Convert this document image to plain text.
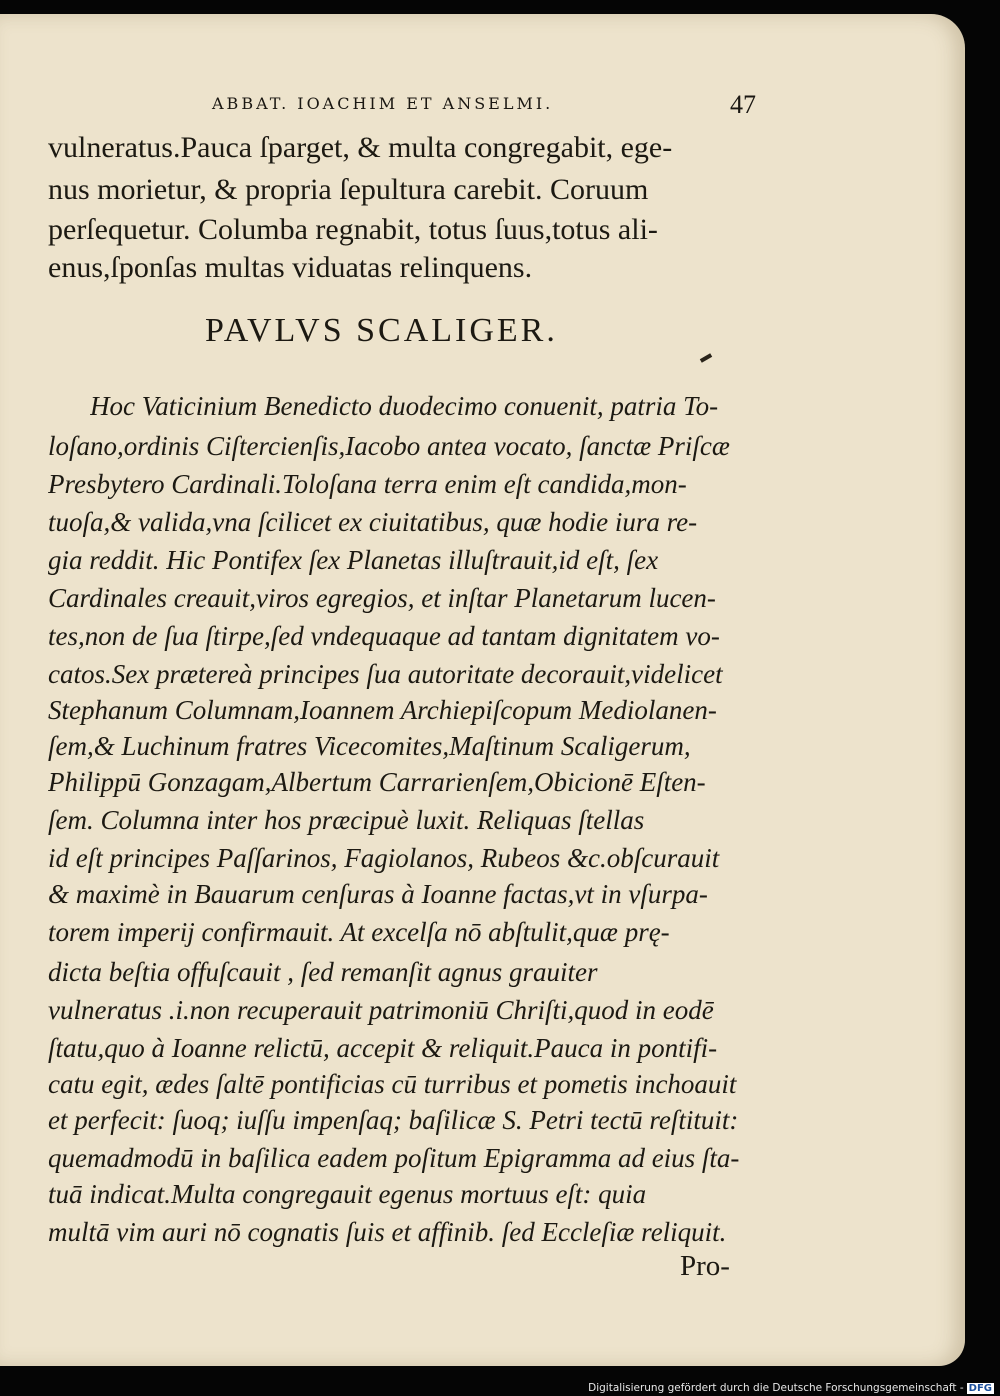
ABBAT. IOACHIM ET ANSELMI.	47
vulneratus.Pauca ſparget, & multa congregabit, ege-
nus morietur, & propria ſepultura carebit. Coruum
perſequetur. Columba regnabit, totus ſuus,totus ali-
enus,ſponſas multas viduatas relinquens.
PAVLVS SCALIGER.
Hoc Vaticinium Benedicto duodecimo conuenit, patria To-
loſano,ordinis Ciſtercienſis,Iacobo antea vocato, ſanctæ Priſcæ
Presbytero Cardinali.Toloſana terra enim eſt candida,mon-
tuoſa,& valida,vna ſcilicet ex ciuitatibus, quæ hodie iura re-
gia reddit. Hic Pontifex ſex Planetas illuſtrauit,id eſt, ſex
Cardinales creauit,viros egregios, et inſtar Planetarum lucen-
tes,non de ſua ſtirpe,ſed vndequaque ad tantam dignitatem vo-
catos.Sex prætereà principes ſua autoritate decorauit,videlicet
Stephanum Columnam,Ioannem Archiepiſcopum Mediolanen-
ſem,& Luchinum fratres Vicecomites,Maſtinum Scaligerum,
Philippū Gonzagam,Albertum Carrarienſem,Obicionē Eſten-
ſem. Columna inter hos præcipuè luxit. Reliquas ſtellas
id eſt principes Paſſarinos, Fagiolanos, Rubeos &c.obſcurauit
& maximè in Bauarum cenſuras à Ioanne factas,vt in vſurpa-
torem imperij confirmauit. At excelſa nō abſtulit,quæ prę-
dicta beſtia offuſcauit , ſed remanſit agnus grauiter
vulneratus .i.non recuperauit patrimoniū Chriſti,quod in eodē
ſtatu,quo à Ioanne relictū, accepit & reliquit.Pauca in pontifi-
catu egit, ædes ſaltē pontificias cū turribus et pometis inchoauit
et perfecit: ſuoq; iuſſu impenſaq; baſilicæ S. Petri tectū reſtituit:
quemadmodū in baſilica eadem poſitum Epigramma ad eius ſta-
tuā indicat.Multa congregauit egenus mortuus eſt: quia
multā vim auri nō cognatis ſuis et affinib. ſed Eccleſiæ reliquit.
Pro-
Digitalisierung gefördert durch die Deutsche Forschungsgemeinschaft - DFG
